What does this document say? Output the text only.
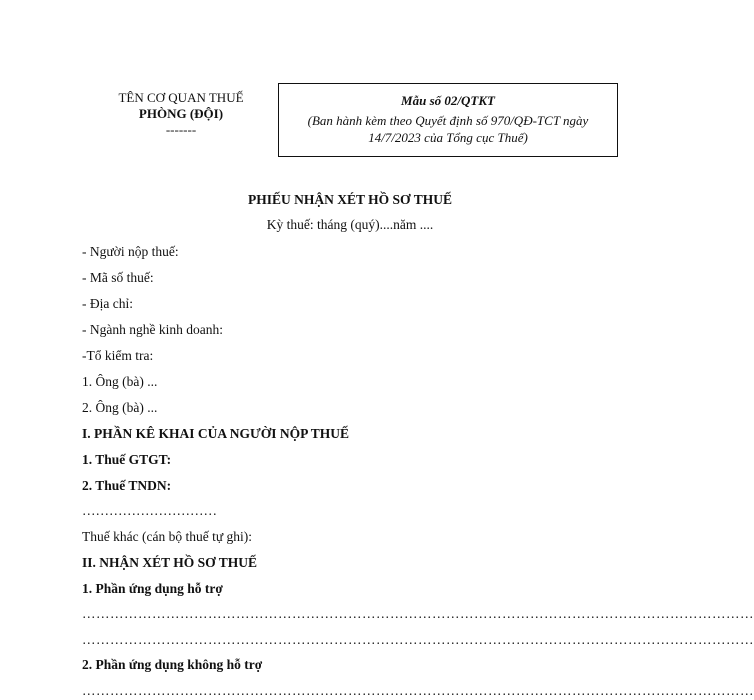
TÊN CƠ QUAN THUẾ
PHÒNG (ĐỘI)
-------
Mẫu số 02/QTKT
(Ban hành kèm theo Quyết định số 970/QĐ-TCT ngày 14/7/2023 của Tổng cục Thuế)
PHIẾU NHẬN XÉT HỒ SƠ THUẾ
Kỳ thuế: tháng (quý)....năm ....
- Người nộp thuế:
- Mã số thuế:
- Địa chỉ:
- Ngành nghề kinh doanh:
-Tổ kiểm tra:
1. Ông (bà) ...
2. Ông (bà) ...
I. PHẦN KÊ KHAI CỦA NGƯỜI NỘP THUẾ
1. Thuế GTGT:
2. Thuế TNDN:
…………………………
Thuế khác (cán bộ thuế tự ghi):
II. NHẬN XÉT HỒ SƠ THUẾ
1. Phần ứng dụng hỗ trợ
………………………………………………………………………………………………………………………………
………………………………………………………………………………………………………………………………
2. Phần ứng dụng không hỗ trợ
………………………………………………………………………………………………………………………………
